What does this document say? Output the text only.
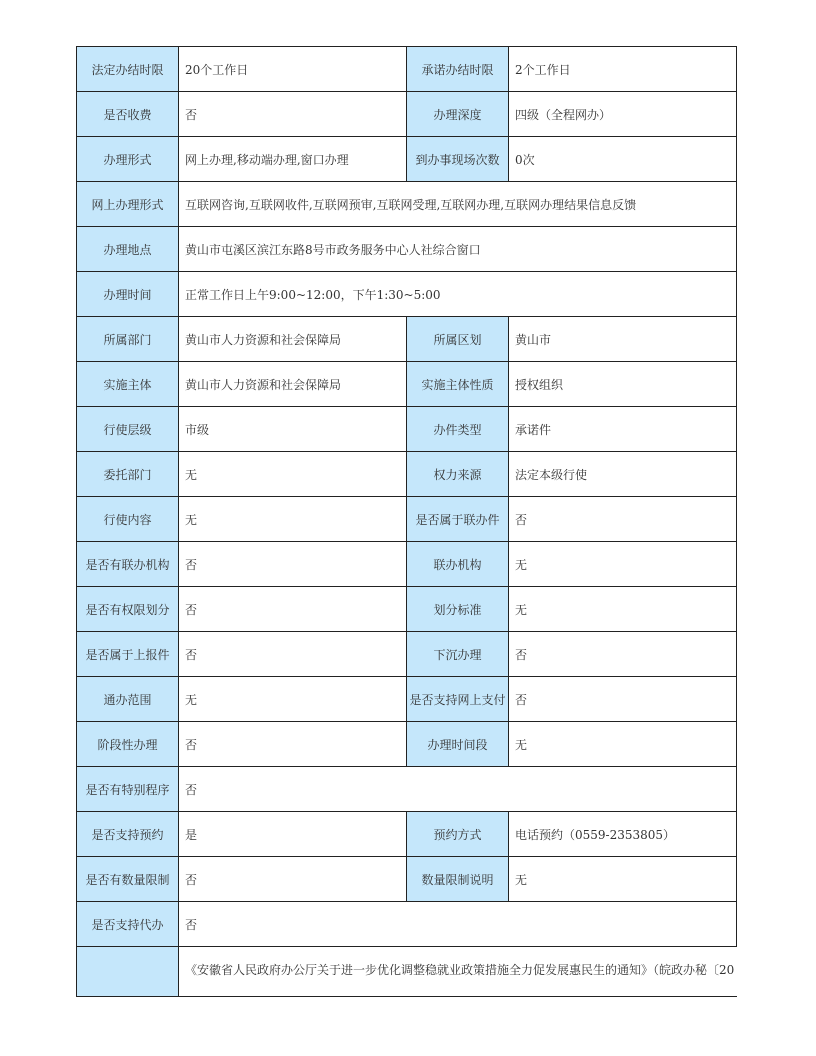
法定办结时限	20个工作日	承诺办结时限	2个工作日
是否收费	否	办理深度	四级（全程网办）
办理形式	网上办理,移动端办理,窗口办理	到办事现场次数	0次
网上办理形式	互联网咨询,互联网收件,互联网预审,互联网受理,互联网办理,互联网办理结果信息反馈		
办理地点	黄山市屯溪区滨江东路8号市政务服务中心人社综合窗口		
办理时间	正常工作日上午9:00~12:00，下午1:30~5:00		
所属部门	黄山市人力资源和社会保障局	所属区划	黄山市
实施主体	黄山市人力资源和社会保障局	实施主体性质	授权组织
行使层级	市级	办件类型	承诺件
委托部门	无	权力来源	法定本级行使
行使内容	无	是否属于联办件	否
是否有联办机构	否	联办机构	无
是否有权限划分	否	划分标准	无
是否属于上报件	否	下沉办理	否
通办范围	无	是否支持网上支付	否
阶段性办理	否	办理时间段	无
是否有特别程序	否		
是否支持预约	是	预约方式	电话预约（0559-2353805）
是否有数量限制	否	数量限制说明	无
是否支持代办	否		
	《安徽省人民政府办公厅关于进一步优化调整稳就业政策措施全力促发展惠民生的通知》（皖政办秘〔20		
